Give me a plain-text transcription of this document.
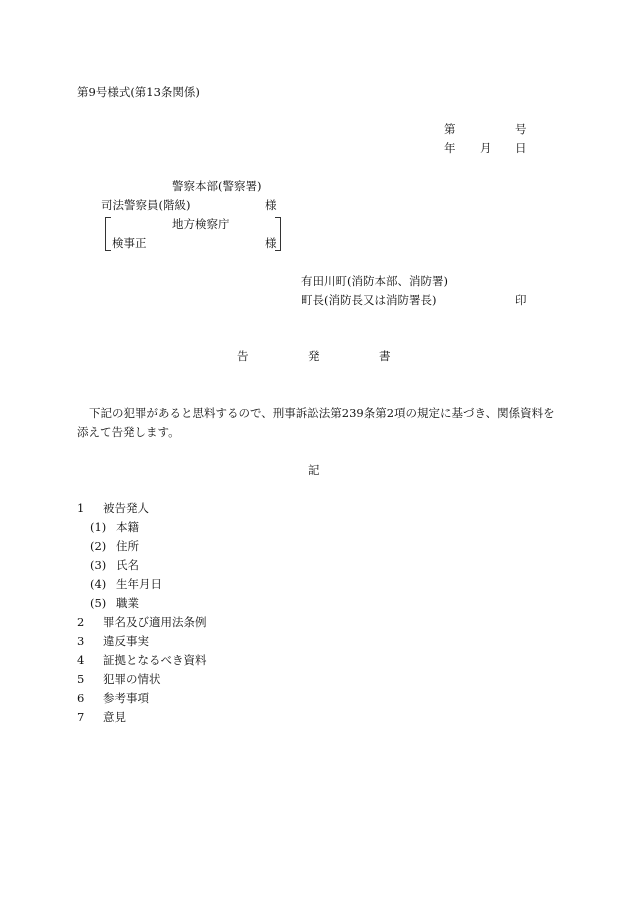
第9号様式(第13条関係)
第	号
年 月 日
警察本部(警察署)
司法警察員(階級)	様
地方検察庁
検事正	様
有田川町(消防本部、消防署)
町長(消防長又は消防署長)	印
告	発	書
下記の犯罪があると思料するので、刑事訴訟法第239条第2項の規定に基づき、関係資料を添えて告発します。
記
1 被告発人
(1) 本籍
(2) 住所
(3) 氏名
(4) 生年月日
(5) 職業
2 罪名及び適用法条例
3 違反事実
4 証拠となるべき資料
5 犯罪の情状
6 参考事項
7 意見
